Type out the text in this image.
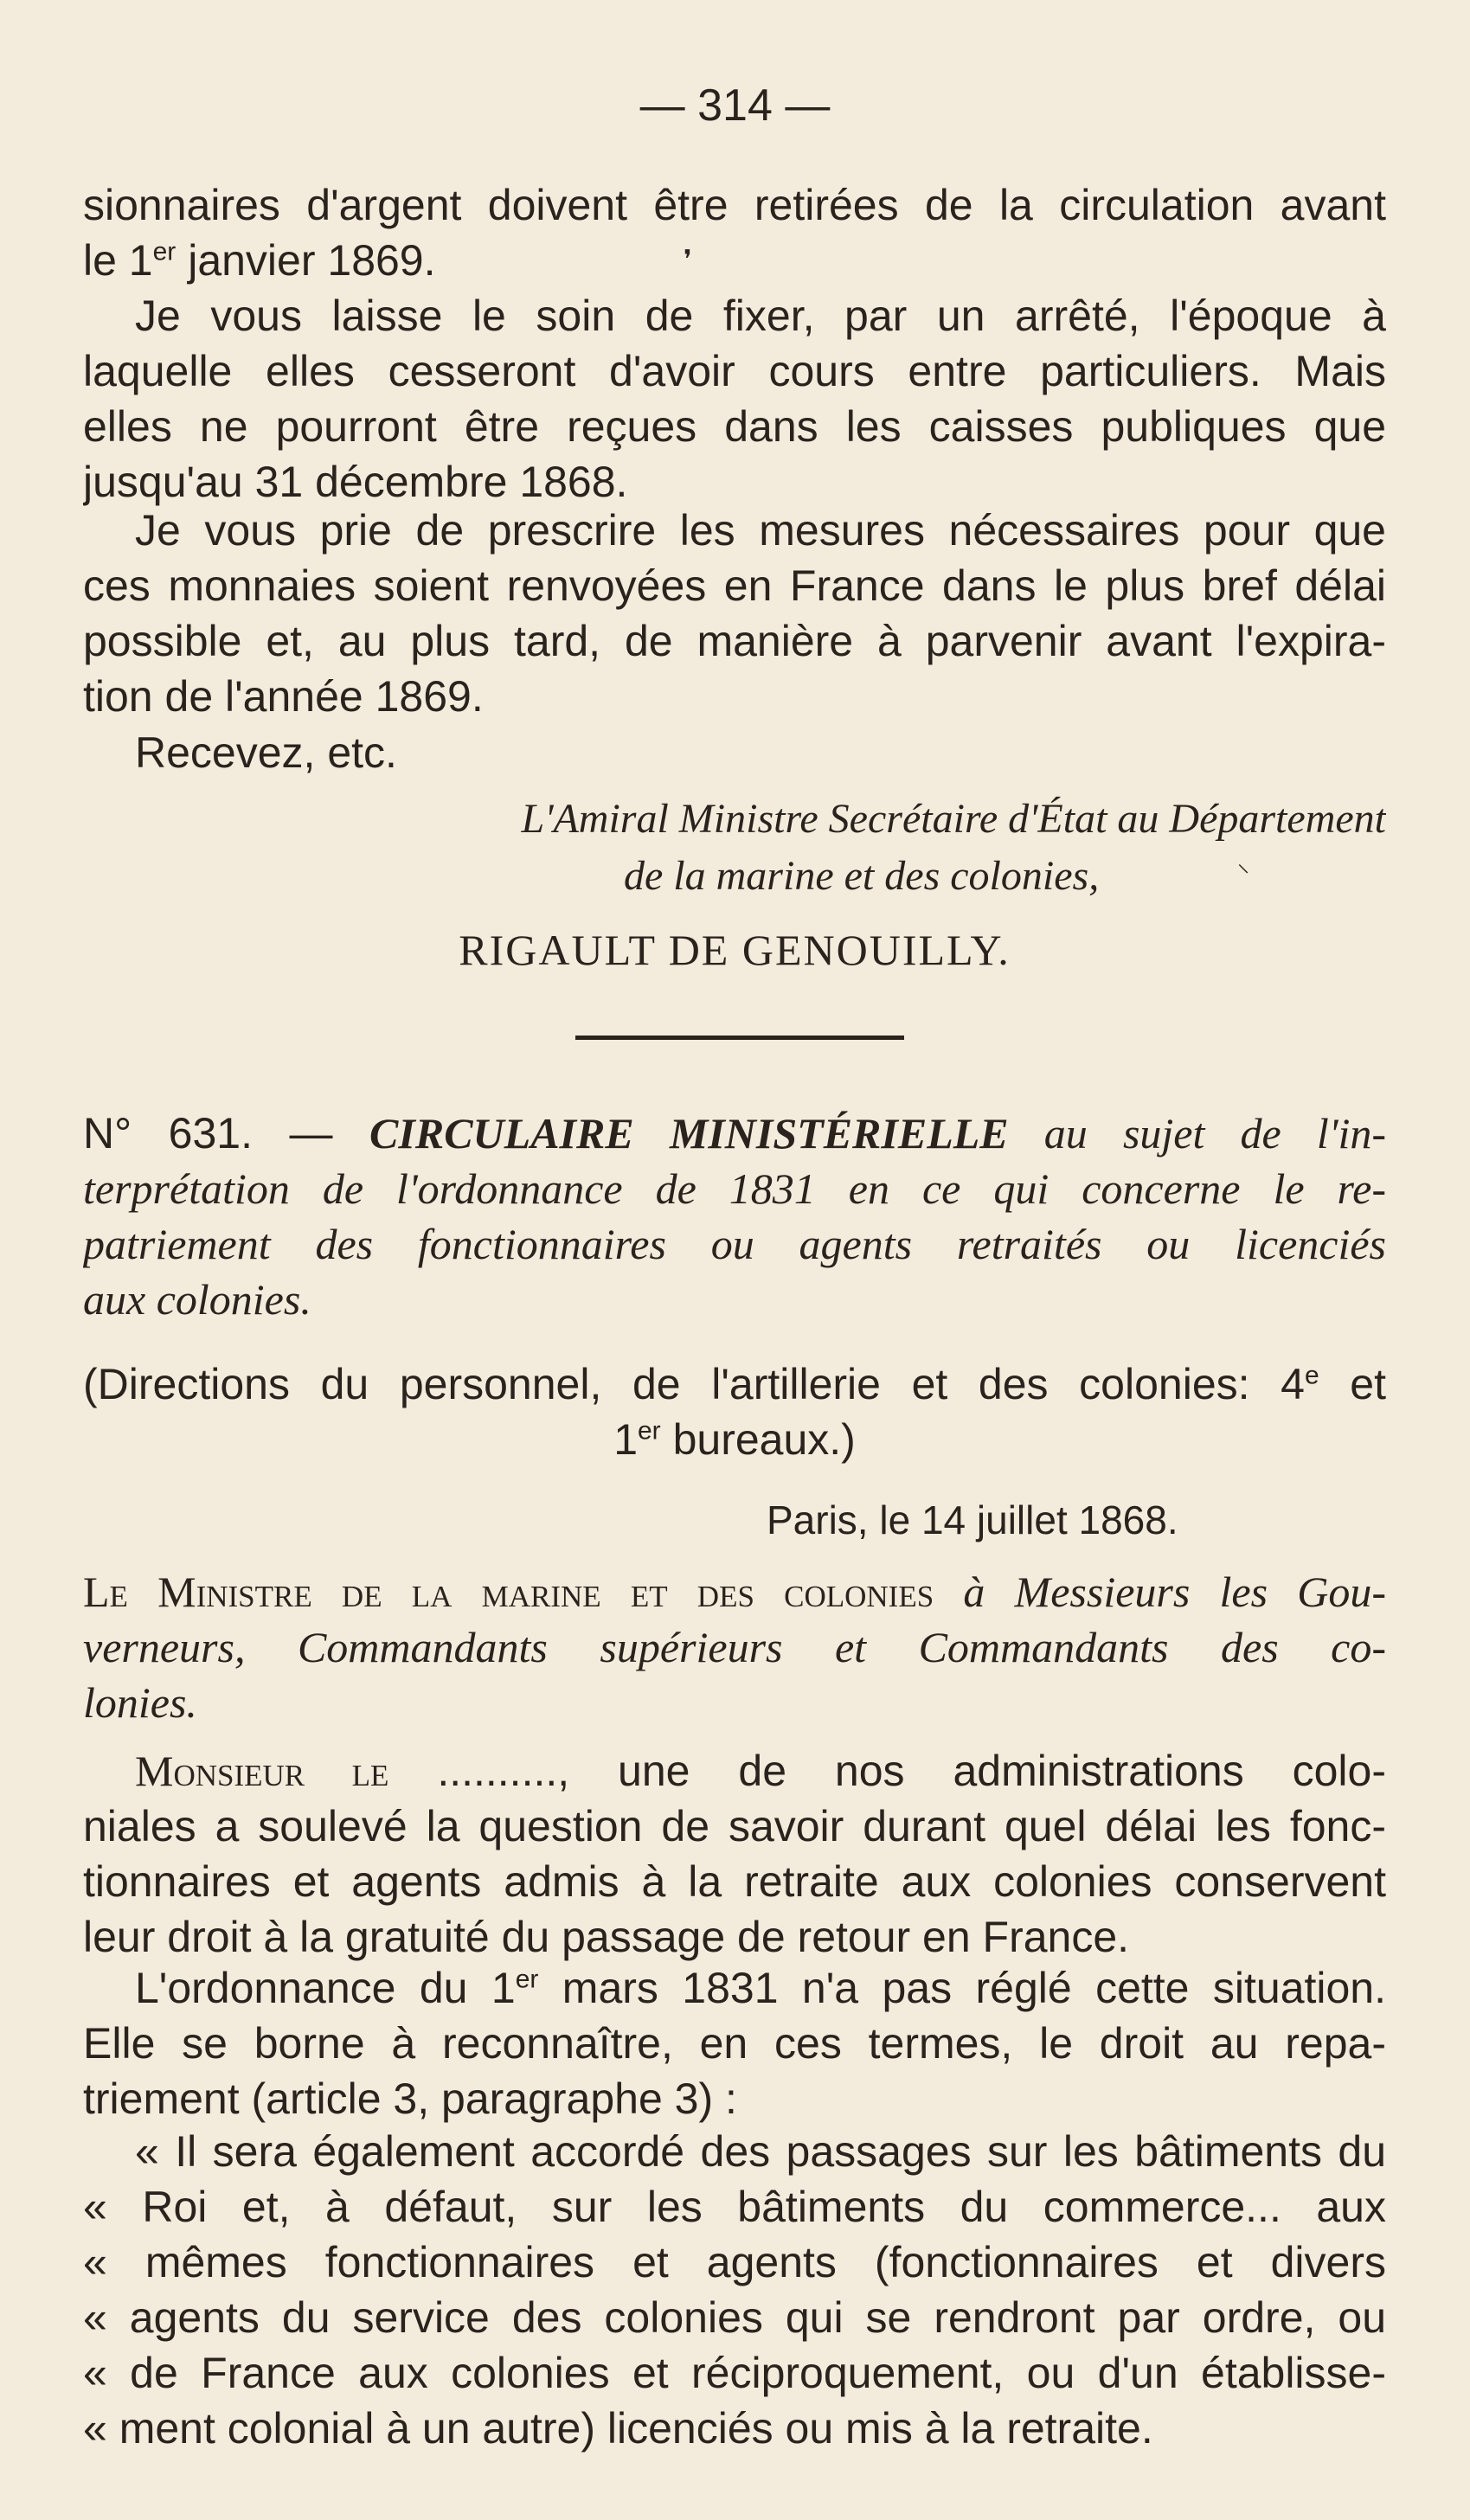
— 314 —
sionnaires d'argent doivent être retirées de la circulation avant
le 1er janvier 1869.	❜
Je vous laisse le soin de fixer, par un arrêté, l'époque à
laquelle elles cesseront d'avoir cours entre particuliers. Mais
elles ne pourront être reçues dans les caisses publiques que
jusqu'au 31 décembre 1868.
Je vous prie de prescrire les mesures nécessaires pour que
ces monnaies soient renvoyées en France dans le plus bref délai
possible et, au plus tard, de manière à parvenir avant l'expira-
tion de l'année 1869.
Recevez, etc.
L'Amiral Ministre Secrétaire d'État au Département
de la marine et des colonies,	⸌
RIGAULT DE GENOUILLY.
N° 631. — CIRCULAIRE MINISTÉRIELLE au sujet de l'in-
terprétation de l'ordonnance de 1831 en ce qui concerne le re-
patriement des fonctionnaires ou agents retraités ou licenciés
aux colonies.
(Directions du personnel, de l'artillerie et des colonies: 4e et
1er bureaux.)
Paris, le 14 juillet 1868.
Le Ministre de la marine et des colonies à Messieurs les Gou-
verneurs, Commandants supérieurs et Commandants des co-
lonies.
Monsieur le .........., une de nos administrations colo-
niales a soulevé la question de savoir durant quel délai les fonc-
tionnaires et agents admis à la retraite aux colonies conservent
leur droit à la gratuité du passage de retour en France.
L'ordonnance du 1er mars 1831 n'a pas réglé cette situation.
Elle se borne à reconnaître, en ces termes, le droit au repa-
triement (article 3, paragraphe 3) :
« Il sera également accordé des passages sur les bâtiments du
« Roi et, à défaut, sur les bâtiments du commerce... aux
« mêmes fonctionnaires et agents (fonctionnaires et divers
« agents du service des colonies qui se rendront par ordre, ou
« de France aux colonies et réciproquement, ou d'un établisse-
« ment colonial à un autre) licenciés ou mis à la retraite.
